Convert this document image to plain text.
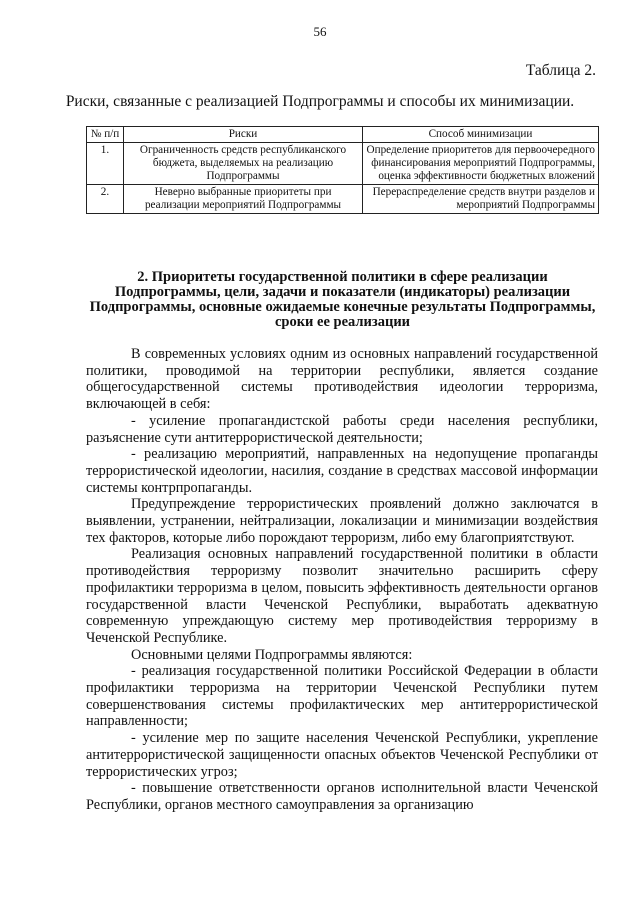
56
Таблица 2.
Риски, связанные с реализацией Подпрограммы и способы их минимизации.
№ п/п	Риски	Способ минимизации
1.	Ограниченность средств республиканского бюджета, выделяемых на реализацию Подпрограммы	Определение приоритетов для первоочередного финансирования мероприятий Подпрограммы, оценка эффективности бюджетных вложений
2.	Неверно выбранные приоритеты при реализации мероприятий Подпрограммы	Перераспределение средств внутри разделов и мероприятий Подпрограммы
2. Приоритеты государственной политики в сфере реализации Подпрограммы, цели, задачи и показатели (индикаторы) реализации Подпрограммы, основные ожидаемые конечные результаты Подпрограммы, сроки ее реализации

В современных условиях одним из основных направлений государственной политики, проводимой на территории республики, является создание общегосударственной системы противодействия идеологии терроризма, включающей в себя:

- усиление пропагандистской работы среди населения республики, разъяснение сути антитеррористической деятельности;

- реализацию мероприятий, направленных на недопущение пропаганды террористической идеологии, насилия, создание в средствах массовой информации системы контрпропаганды.

Предупреждение террористических проявлений должно заключатся в выявлении, устранении, нейтрализации, локализации и минимизации воздействия тех факторов, которые либо порождают терроризм, либо ему благоприятствуют.

Реализация основных направлений государственной политики в области противодействия терроризму позволит значительно расширить сферу профилактики терроризма в целом, повысить эффективность деятельности органов государственной власти Чеченской Республики, выработать адекватную современную упреждающую систему мер противодействия терроризму в Чеченской Республике.

Основными целями Подпрограммы являются:

- реализация государственной политики Российской Федерации в области профилактики терроризма на территории Чеченской Республики путем совершенствования системы профилактических мер антитеррористической направленности;

- усиление мер по защите населения Чеченской Республики, укрепление антитеррористической защищенности опасных объектов Чеченской Республики от террористических угроз;

- повышение ответственности органов исполнительной власти Чеченской Республики, органов местного самоуправления за организацию
